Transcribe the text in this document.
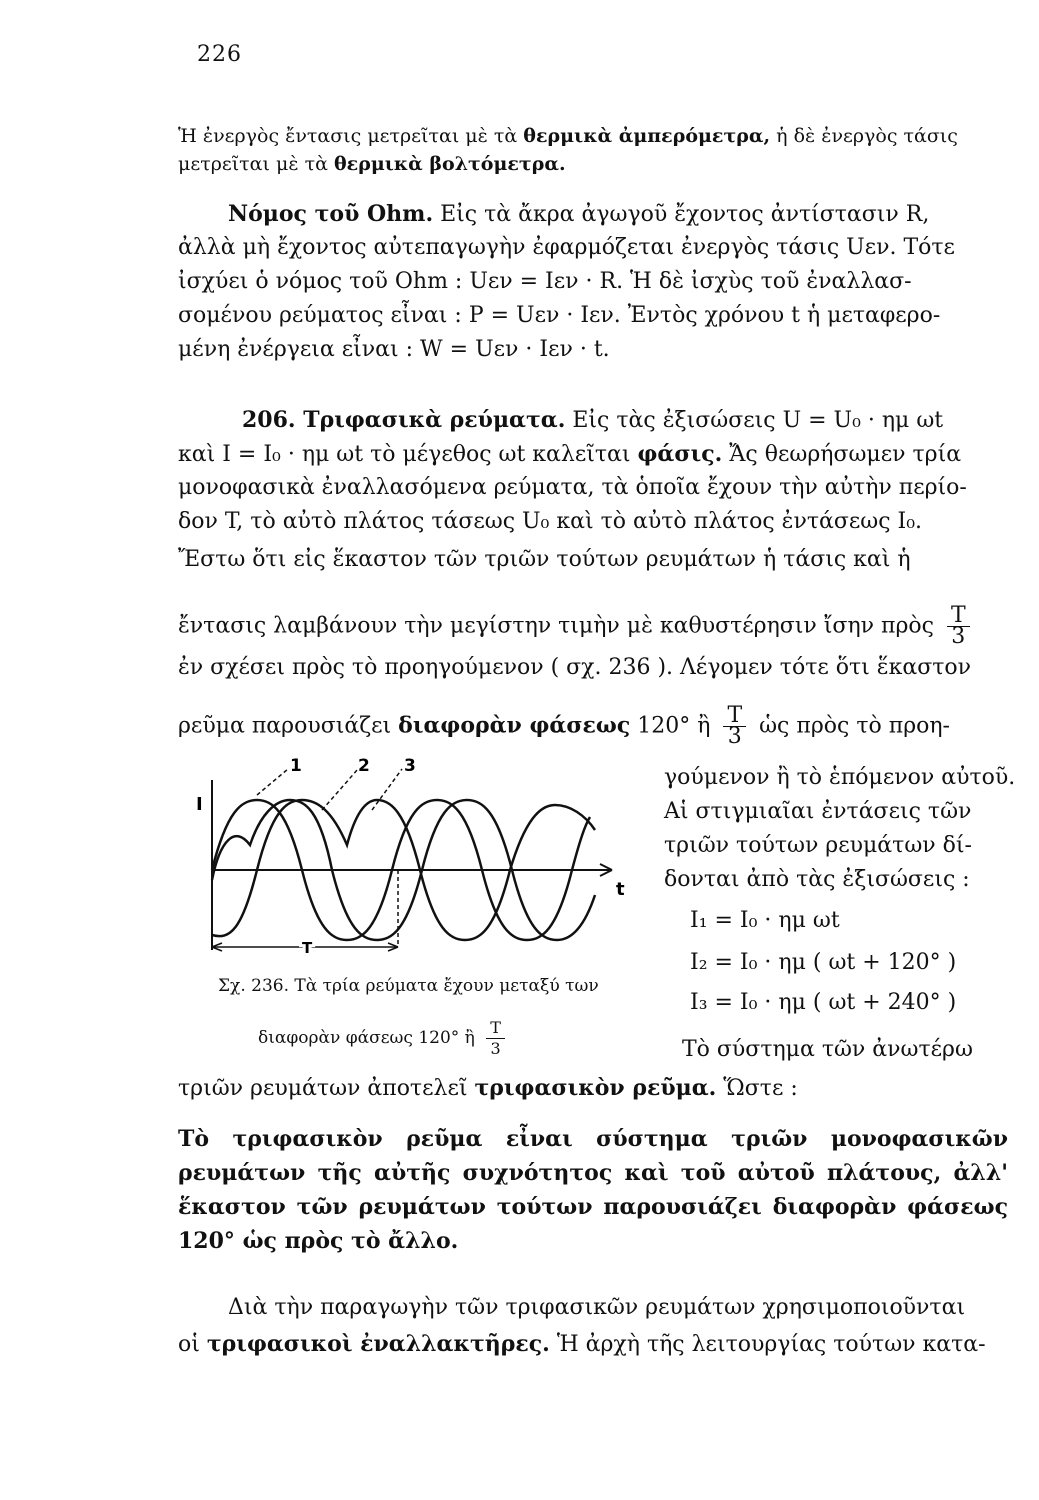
226
Ἡ ἐνεργὸς ἔντασις μετρεῖται μὲ τὰ θερμικὰ ἀμπερόμετρα, ἡ δὲ ἐνεργὸς τάσις
μετρεῖται μὲ τὰ θερμικὰ βολτόμετρα.
Νόμος τοῦ Ohm. Εἰς τὰ ἄκρα ἀγωγοῦ ἔχοντος ἀντίστασιν R,
ἀλλὰ μὴ ἔχοντος αὐτεπαγωγὴν ἐφαρμόζεται ἐνεργὸς τάσις Uεν. Τότε
ἰσχύει ὁ νόμος τοῦ Ohm : Uεν = Iεν · R. Ἡ δὲ ἰσχὺς τοῦ ἐναλλασ-
σομένου ρεύματος εἶναι : P = Uεν · Iεν. Ἐντὸς χρόνου t ἡ μεταφερο-
μένη ἐνέργεια εἶναι : W = Uεν · Iεν · t.
206. Τριφασικὰ ρεύματα. Εἰς τὰς ἐξισώσεις U = U₀ · ημ ωt
καὶ I = I₀ · ημ ωt τὸ μέγεθος ωt καλεῖται φάσις. Ἄς θεωρήσωμεν τρία
μονοφασικὰ ἐναλλασόμενα ρεύματα, τὰ ὁποῖα ἔχουν τὴν αὐτὴν περίο-
δον T, τὸ αὐτὸ πλάτος τάσεως U₀ καὶ τὸ αὐτὸ πλάτος ἐντάσεως I₀.
Ἔστω ὅτι εἰς ἕκαστον τῶν τριῶν τούτων ρευμάτων ἡ τάσις καὶ ἡ
ἔντασις λαμβάνουν τὴν μεγίστην τιμὴν μὲ καθυστέρησιν ἴσην πρὸς $\frac{T}{3}$
ἐν σχέσει πρὸς τὸ προηγούμενον ( σχ. 236 ). Λέγομεν τότε ὅτι ἕκαστον
ρεῦμα παρουσιάζει διαφορὰν φάσεως 120° ἢ $\frac{T}{3}$ ὡς πρὸς τὸ προη-
γούμενον ἢ τὸ ἑπόμενον αὐτοῦ.
Αἱ στιγμιαῖαι ἐντάσεις τῶν
τριῶν τούτων ρευμάτων δί-
δονται ἀπὸ τὰς ἐξισώσεις :
I₁ = I₀ · ημ ωt
I₂ = I₀ · ημ ( ωt + 120° )
I₃ = I₀ · ημ ( ωt + 240° )
Τὸ σύστημα τῶν ἀνωτέρω
I
t
T
1	2 3
Σχ. 236. Τὰ τρία ρεύματα ἔχουν μεταξύ των
διαφορὰν φάσεως 120° ἢ $\frac{T}{3}$
τριῶν ρευμάτων ἀποτελεῖ τριφασικὸν ρεῦμα. Ὥστε :
Τὸ τριφασικὸν ρεῦμα εἶναι σύστημα τριῶν μονοφασικῶν ρευμάτων τῆς αὐτῆς συχνότητος καὶ τοῦ αὐτοῦ πλάτους, ἀλλ' ἕκαστον τῶν ρευμάτων τούτων παρουσιάζει διαφορὰν φάσεως 120° ὡς πρὸς τὸ ἄλλο.
Διὰ τὴν παραγωγὴν τῶν τριφασικῶν ρευμάτων χρησιμοποιοῦνται
οἱ τριφασικοὶ ἐναλλακτῆρες. Ἡ ἀρχὴ τῆς λειτουργίας τούτων κατα-
